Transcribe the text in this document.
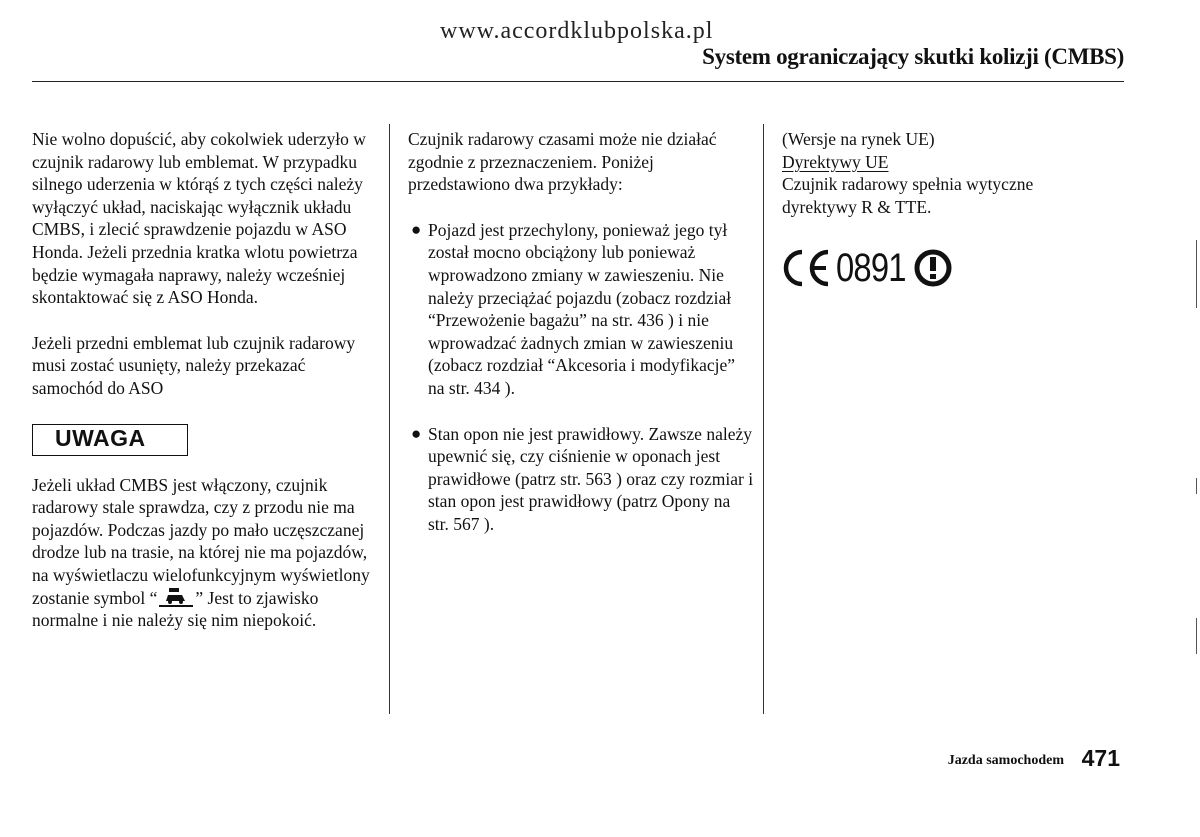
www.accordklubpolska.pl
System ograniczający skutki kolizji (CMBS)

Nie wolno dopuścić, aby cokolwiek uderzyło w czujnik radarowy lub emblemat. W przypadku silnego uderzenia w którąś z tych części należy wyłączyć układ, naciskając wyłącznik układu CMBS, i zlecić sprawdzenie pojazdu w ASO Honda. Jeżeli przednia kratka wlotu powietrza będzie wymagała naprawy, należy wcześniej skontaktować się z ASO Honda.

Jeżeli przedni emblemat lub czujnik radarowy musi zostać usunięty, należy przekazać samochód do ASO

UWAGA

Jeżeli układ CMBS jest włączony, czujnik radarowy stale sprawdza, czy z przodu nie ma pojazdów. Podczas jazdy po mało uczęszczanej drodze lub na trasie, na której nie ma pojazdów, na wyświetlaczu wielofunkcyjnym wyświetlony zostanie symbol “ ” Jest to zjawisko normalne i nie należy się nim niepokoić.

Czujnik radarowy czasami może nie działać zgodnie z przeznaczeniem. Poniżej przedstawiono dwa przykłady:

● Pojazd jest przechylony, ponieważ jego tył został mocno obciążony lub ponieważ wprowadzono zmiany w zawieszeniu. Nie należy przeciążać pojazdu (zobacz rozdział “Przewożenie bagażu” na str. 436 ) i nie wprowadzać żadnych zmian w zawieszeniu (zobacz rozdział “Akcesoria i modyfikacje” na str. 434 ).
● Stan opon nie jest prawidłowy. Zawsze należy upewnić się, czy ciśnienie w oponach jest prawidłowe (patrz str. 563 ) oraz czy rozmiar i stan opon jest prawidłowy (patrz Opony na str. 567 ).

(Wersje na rynek UE)

Dyrektywy UE

Czujnik radarowy spełnia wytyczne dyrektywy R & TTE.

0891
Jazda samochodem 471
